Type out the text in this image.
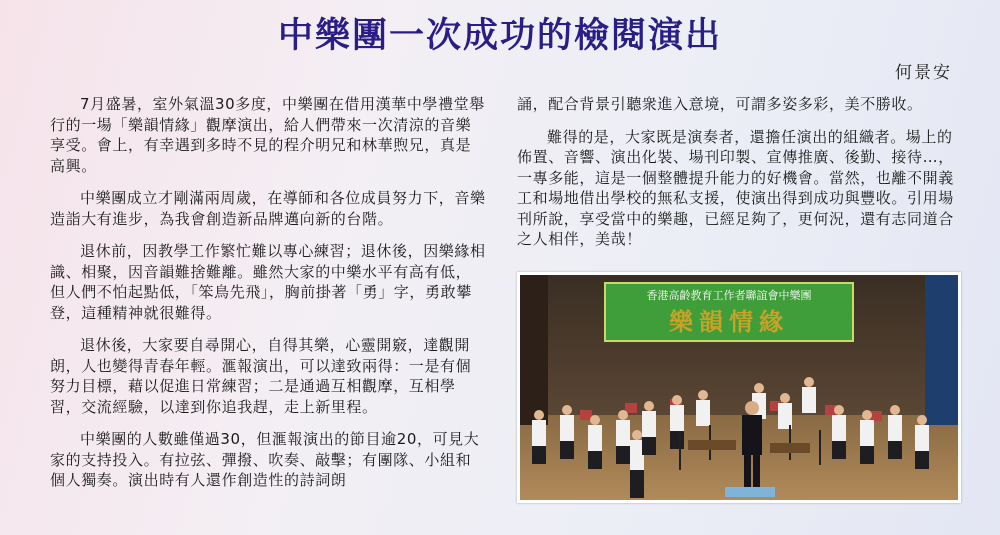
中樂團一次成功的檢閱演出
何景安

7月盛暑，室外氣溫30多度，中樂團在借用漢華中學禮堂舉行的一場「樂韻情緣」觀摩演出，給人們帶來一次清涼的音樂享受。會上，有幸遇到多時不見的程介明兄和林華煦兄，真是高興。

中樂團成立才剛滿兩周歲，在導師和各位成員努力下，音樂造詣大有進步，為我會創造新品牌邁向新的台階。

退休前，因教學工作繁忙難以專心練習；退休後，因樂緣相識、相聚，因音韻難捨難離。雖然大家的中樂水平有高有低，但人們不怕起點低，「笨鳥先飛」，胸前掛著「勇」字，勇敢攀登，這種精神就很難得。

退休後，大家要自尋開心，自得其樂，心靈開竅，達觀開朗，人也變得青春年輕。滙報演出，可以達致兩得：一是有個努力目標，藉以促進日常練習；二是通過互相觀摩，互相學習，交流經驗，以達到你追我趕，走上新里程。

中樂團的人數雖僅過30，但滙報演出的節目逾20，可見大家的支持投入。有拉弦、彈撥、吹奏、敲擊；有團隊、小組和個人獨奏。演出時有人還作創造性的詩詞朗

誦，配合背景引聽衆進入意境，可謂多姿多彩，美不勝收。

難得的是，大家既是演奏者，還擔任演出的組織者。場上的佈置、音響、演出化裝、場刊印製、宣傳推廣、後勤、接待…，一專多能，這是一個整體提升能力的好機會。當然，也離不開義工和場地借出學校的無私支援，使演出得到成功與豐收。引用場刊所說，享受當中的樂趣，已經足夠了，更何況，還有志同道合之人相伴，美哉！

香港高齡教育工作者聯誼會中樂團
樂韻情緣
